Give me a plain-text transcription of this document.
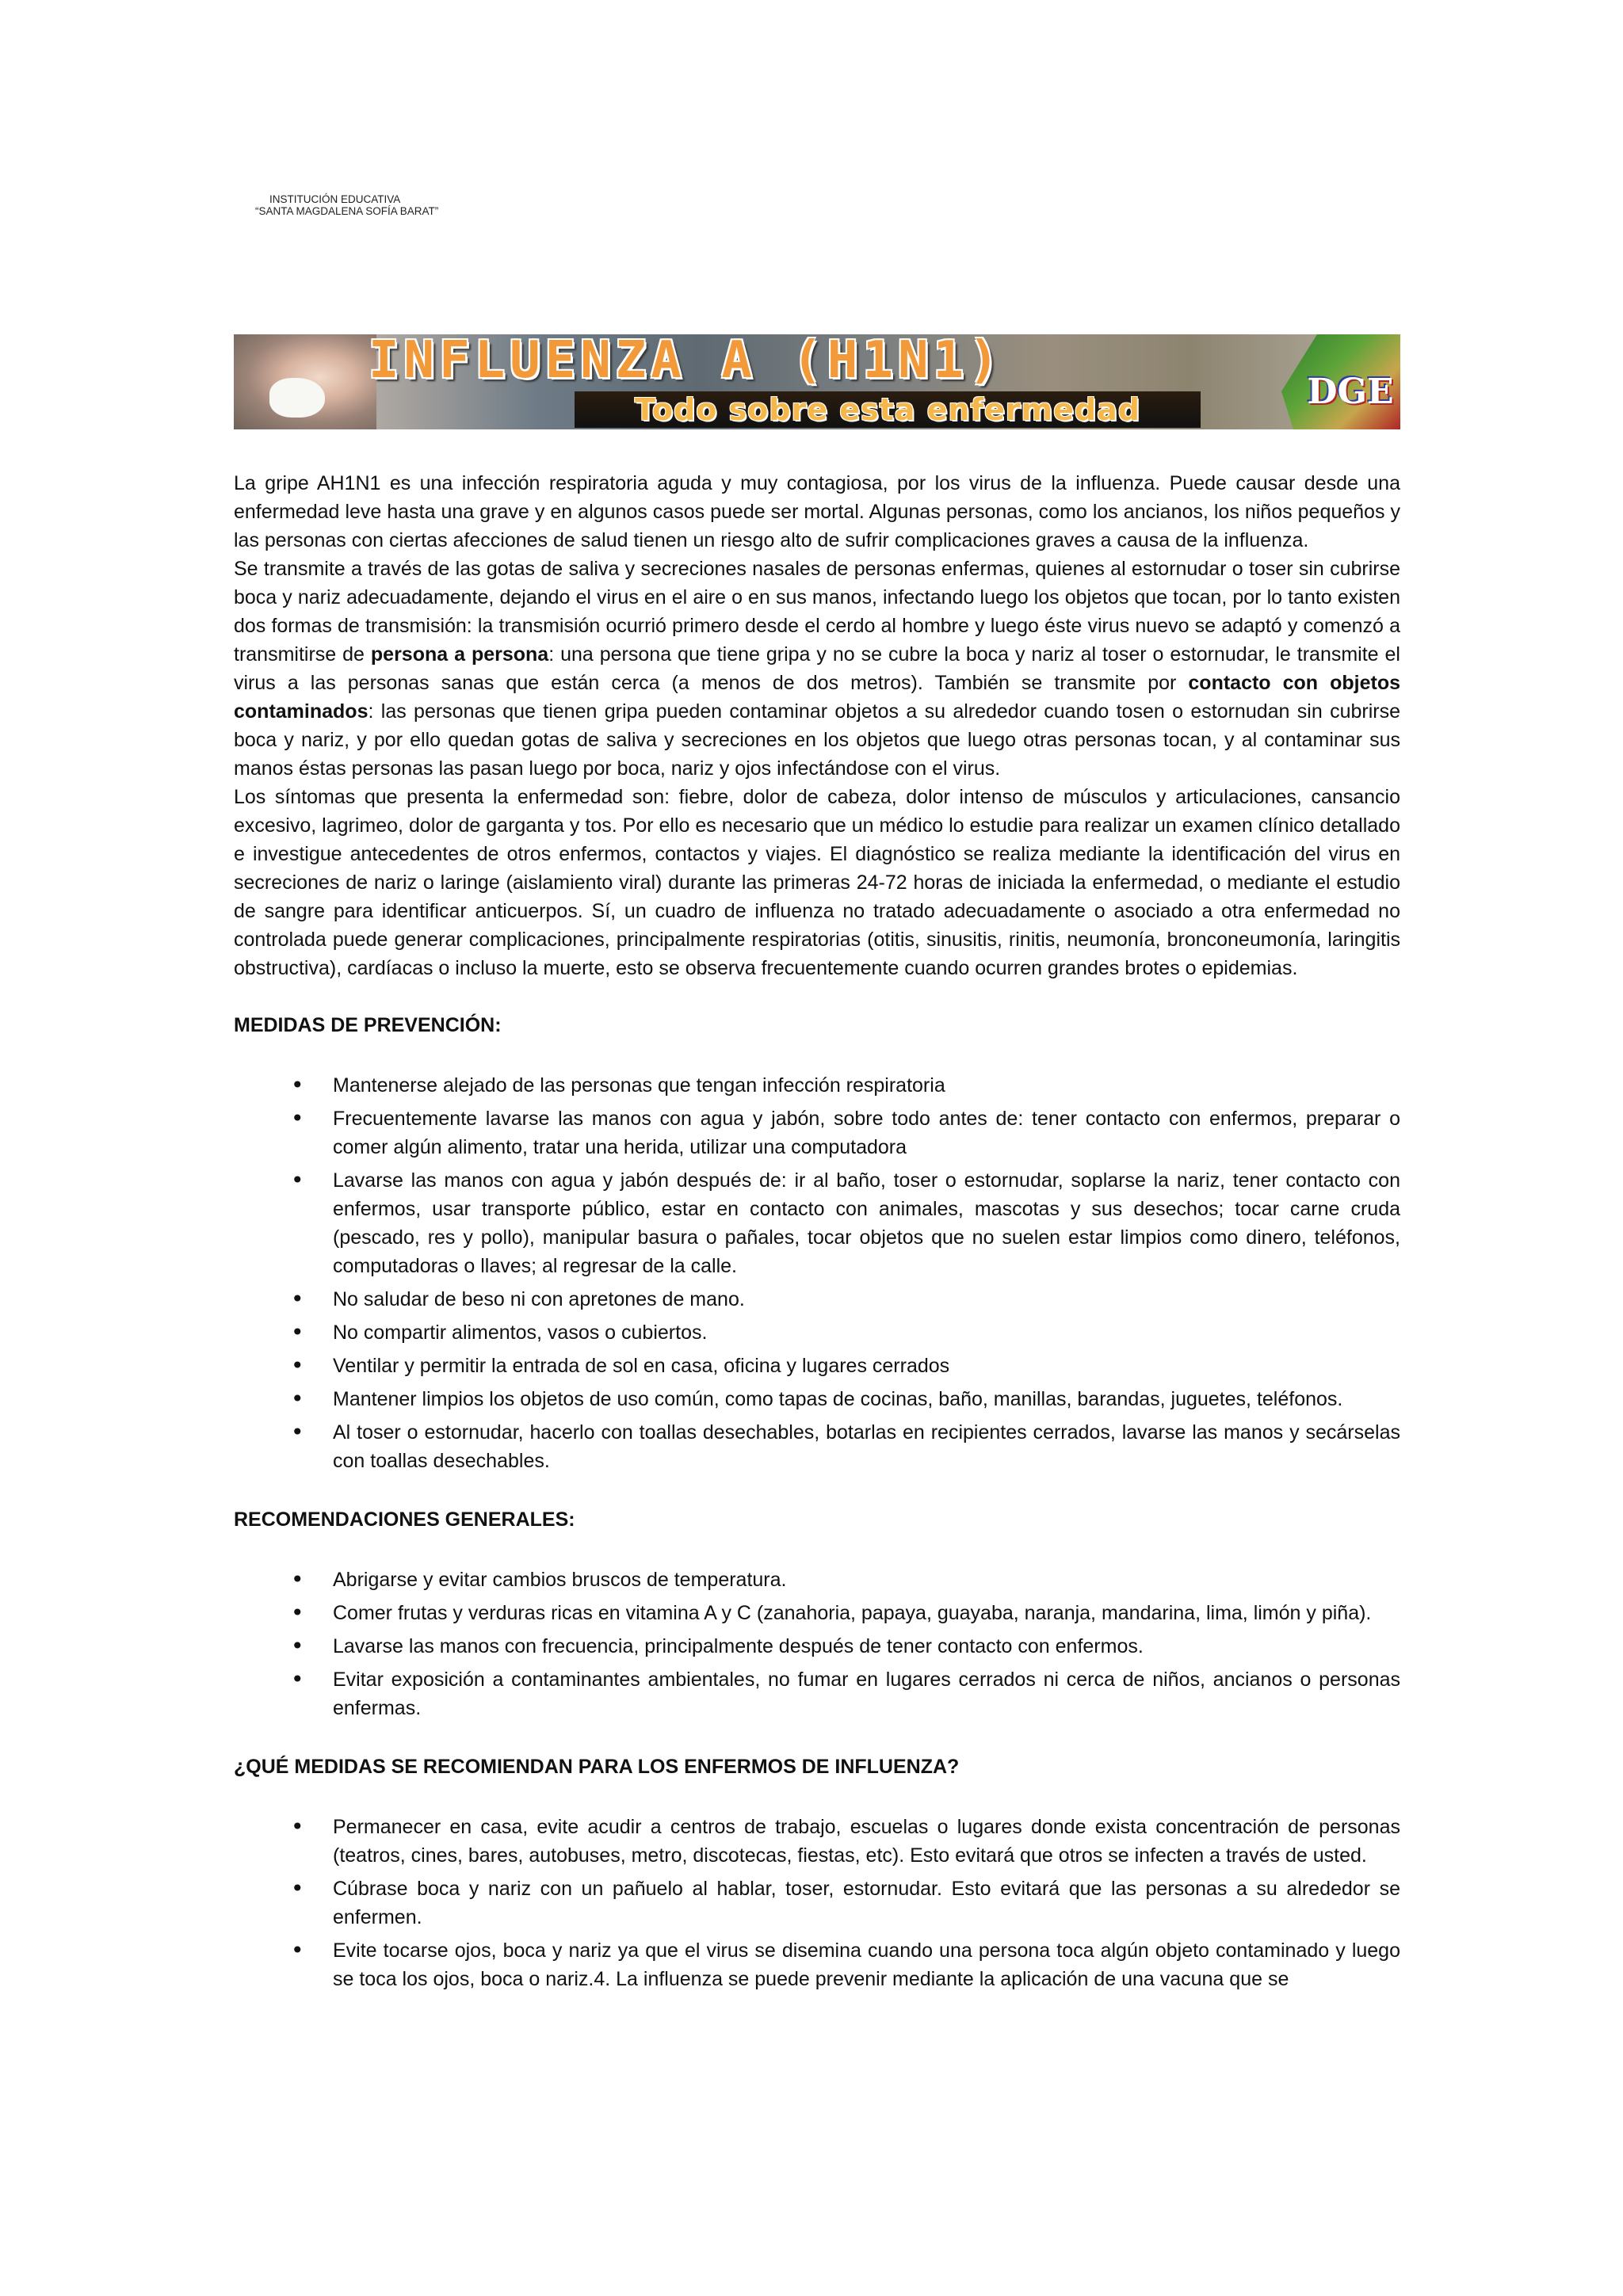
INSTITUCIÓN EDUCATIVA
“SANTA MAGDALENA SOFÍA BARAT”
INFLUENZA A (H1N1)
Todo sobre esta enfermedad	DGE

La gripe AH1N1 es una infección respiratoria aguda y muy contagiosa, por los virus de la influenza. Puede causar desde una enfermedad leve hasta una grave y en algunos casos puede ser mortal. Algunas personas, como los ancianos, los niños pequeños y las personas con ciertas afecciones de salud tienen un riesgo alto de sufrir complicaciones graves a causa de la influenza.

Se transmite a través de las gotas de saliva y secreciones nasales de personas enfermas, quienes al estornudar o toser sin cubrirse boca y nariz adecuadamente, dejando el virus en el aire o en sus manos, infectando luego los objetos que tocan, por lo tanto existen dos formas de transmisión: la transmisión ocurrió primero desde el cerdo al hombre y luego éste virus nuevo se adaptó y comenzó a transmitirse de persona a persona: una persona que tiene gripa y no se cubre la boca y nariz al toser o estornudar, le transmite el virus a las personas sanas que están cerca (a menos de dos metros). También se transmite por contacto con objetos contaminados: las personas que tienen gripa pueden contaminar objetos a su alrededor cuando tosen o estornudan sin cubrirse boca y nariz, y por ello quedan gotas de saliva y secreciones en los objetos que luego otras personas tocan, y al contaminar sus manos éstas personas las pasan luego por boca, nariz y ojos infectándose con el virus.

Los síntomas que presenta la enfermedad son: fiebre, dolor de cabeza, dolor intenso de músculos y articulaciones, cansancio excesivo, lagrimeo, dolor de garganta y tos. Por ello es necesario que un médico lo estudie para realizar un examen clínico detallado e investigue antecedentes de otros enfermos, contactos y viajes. El diagnóstico se realiza mediante la identificación del virus en secreciones de nariz o laringe (aislamiento viral) durante las primeras 24-72 horas de iniciada la enfermedad, o mediante el estudio de sangre para identificar anticuerpos. Sí, un cuadro de influenza no tratado adecuadamente o asociado a otra enfermedad no controlada puede generar complicaciones, principalmente respiratorias (otitis, sinusitis, rinitis, neumonía, bronconeumonía, laringitis obstructiva), cardíacas o incluso la muerte, esto se observa frecuentemente cuando ocurren grandes brotes o epidemias.

MEDIDAS DE PREVENCIÓN:
• Mantenerse alejado de las personas que tengan infección respiratoria
• Frecuentemente lavarse las manos con agua y jabón, sobre todo antes de: tener contacto con enfermos, preparar o comer algún alimento, tratar una herida, utilizar una computadora
• Lavarse las manos con agua y jabón después de: ir al baño, toser o estornudar, soplarse la nariz, tener contacto con enfermos, usar transporte público, estar en contacto con animales, mascotas y sus desechos; tocar carne cruda (pescado, res y pollo), manipular basura o pañales, tocar objetos que no suelen estar limpios como dinero, teléfonos, computadoras o llaves; al regresar de la calle.
• No saludar de beso ni con apretones de mano.
• No compartir alimentos, vasos o cubiertos.
• Ventilar y permitir la entrada de sol en casa, oficina y lugares cerrados
• Mantener limpios los objetos de uso común, como tapas de cocinas, baño, manillas, barandas, juguetes, teléfonos.
• Al toser o estornudar, hacerlo con toallas desechables, botarlas en recipientes cerrados, lavarse las manos y secárselas con toallas desechables.
RECOMENDACIONES GENERALES:
• Abrigarse y evitar cambios bruscos de temperatura.
• Comer frutas y verduras ricas en vitamina A y C (zanahoria, papaya, guayaba, naranja, mandarina, lima, limón y piña).
• Lavarse las manos con frecuencia, principalmente después de tener contacto con enfermos.
• Evitar exposición a contaminantes ambientales, no fumar en lugares cerrados ni cerca de niños, ancianos o personas enfermas.
¿QUÉ MEDIDAS SE RECOMIENDAN PARA LOS ENFERMOS DE INFLUENZA?
• Permanecer en casa, evite acudir a centros de trabajo, escuelas o lugares donde exista concentración de personas (teatros, cines, bares, autobuses, metro, discotecas, fiestas, etc). Esto evitará que otros se infecten a través de usted.
• Cúbrase boca y nariz con un pañuelo al hablar, toser, estornudar. Esto evitará que las personas a su alrededor se enfermen.
• Evite tocarse ojos, boca y nariz ya que el virus se disemina cuando una persona toca algún objeto contaminado y luego se toca los ojos, boca o nariz.4. La influenza se puede prevenir mediante la aplicación de una vacuna que se
